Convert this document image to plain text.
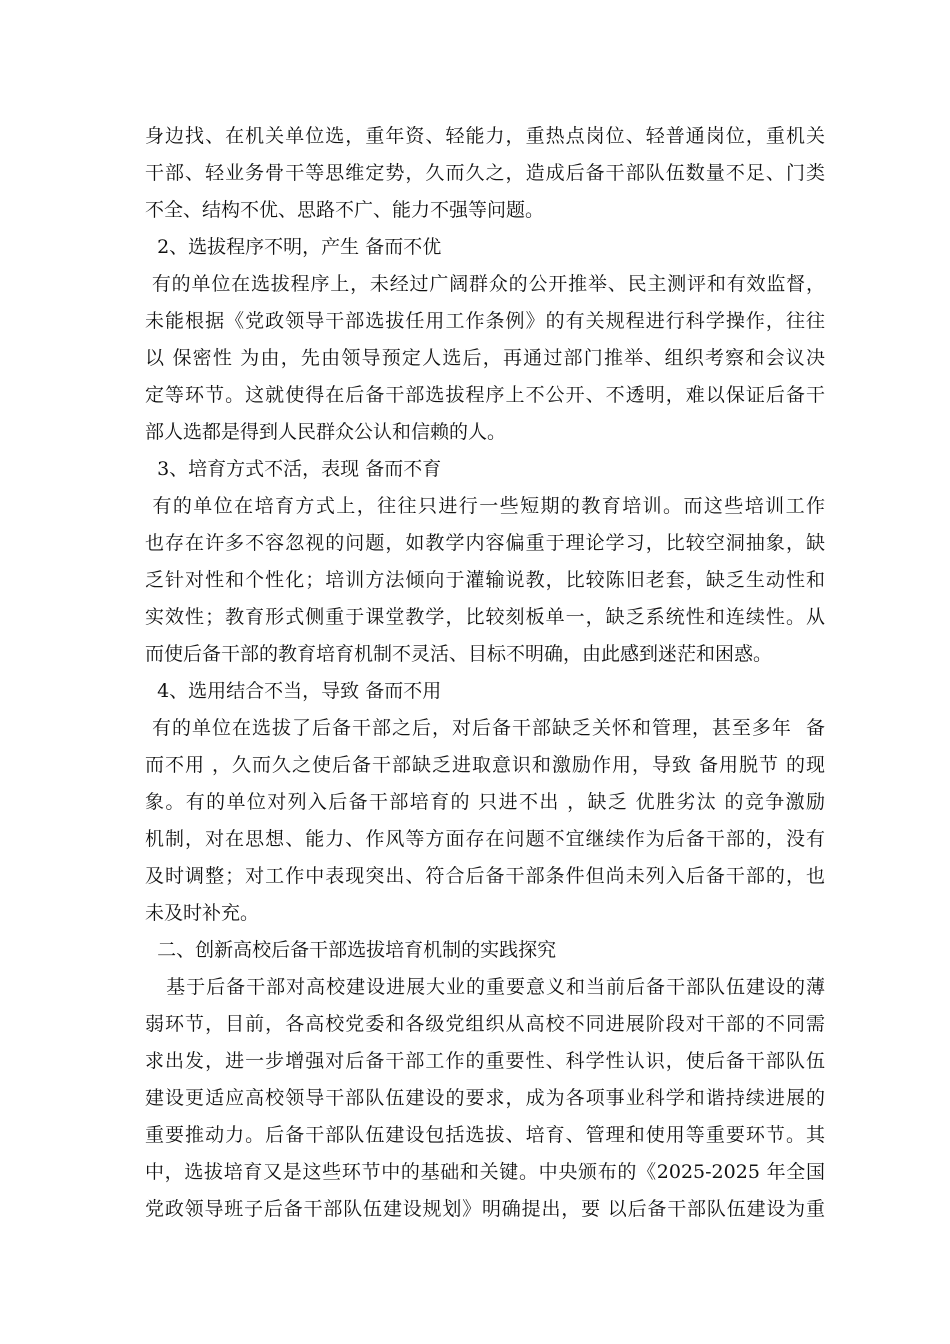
身边找、在机关单位选，重年资、轻能力，重热点岗位、轻普通岗位，重机关
干部、轻业务骨干等思维定势，久而久之，造成后备干部队伍数量不足、门类
不全、结构不优、思路不广、能力不强等问题。
2、选拔程序不明，产生 备而不优
有的单位在选拔程序上，未经过广阔群众的公开推举、民主测评和有效监督，
未能根据《党政领导干部选拔任用工作条例》的有关规程进行科学操作，往往
以 保密性 为由，先由领导预定人选后，再通过部门推举、组织考察和会议决
定等环节。这就使得在后备干部选拔程序上不公开、不透明，难以保证后备干
部人选都是得到人民群众公认和信赖的人。
3、培育方式不活，表现 备而不育
有的单位在培育方式上，往往只进行一些短期的教育培训。而这些培训工作
也存在许多不容忽视的问题，如教学内容偏重于理论学习，比较空洞抽象，缺
乏针对性和个性化；培训方法倾向于灌输说教，比较陈旧老套，缺乏生动性和
实效性；教育形式侧重于课堂教学，比较刻板单一，缺乏系统性和连续性。从
而使后备干部的教育培育机制不灵活、目标不明确，由此感到迷茫和困惑。
4、选用结合不当，导致 备而不用
有的单位在选拔了后备干部之后，对后备干部缺乏关怀和管理，甚至多年  备
而不用 ，久而久之使后备干部缺乏进取意识和激励作用，导致 备用脱节 的现
象。有的单位对列入后备干部培育的 只进不出 ，缺乏 优胜劣汰 的竞争激励
机制，对在思想、能力、作风等方面存在问题不宜继续作为后备干部的，没有
及时调整；对工作中表现突出、符合后备干部条件但尚未列入后备干部的，也
未及时补充。
二、创新高校后备干部选拔培育机制的实践探究
基于后备干部对高校建设进展大业的重要意义和当前后备干部队伍建设的薄
弱环节，目前，各高校党委和各级党组织从高校不同进展阶段对干部的不同需
求出发，进一步增强对后备干部工作的重要性、科学性认识，使后备干部队伍
建设更适应高校领导干部队伍建设的要求，成为各项事业科学和谐持续进展的
重要推动力。后备干部队伍建设包括选拔、培育、管理和使用等重要环节。其
中，选拔培育又是这些环节中的基础和关键。中央颁布的《2025-2025 年全国
党政领导班子后备干部队伍建设规划》明确提出，要 以后备干部队伍建设为重
